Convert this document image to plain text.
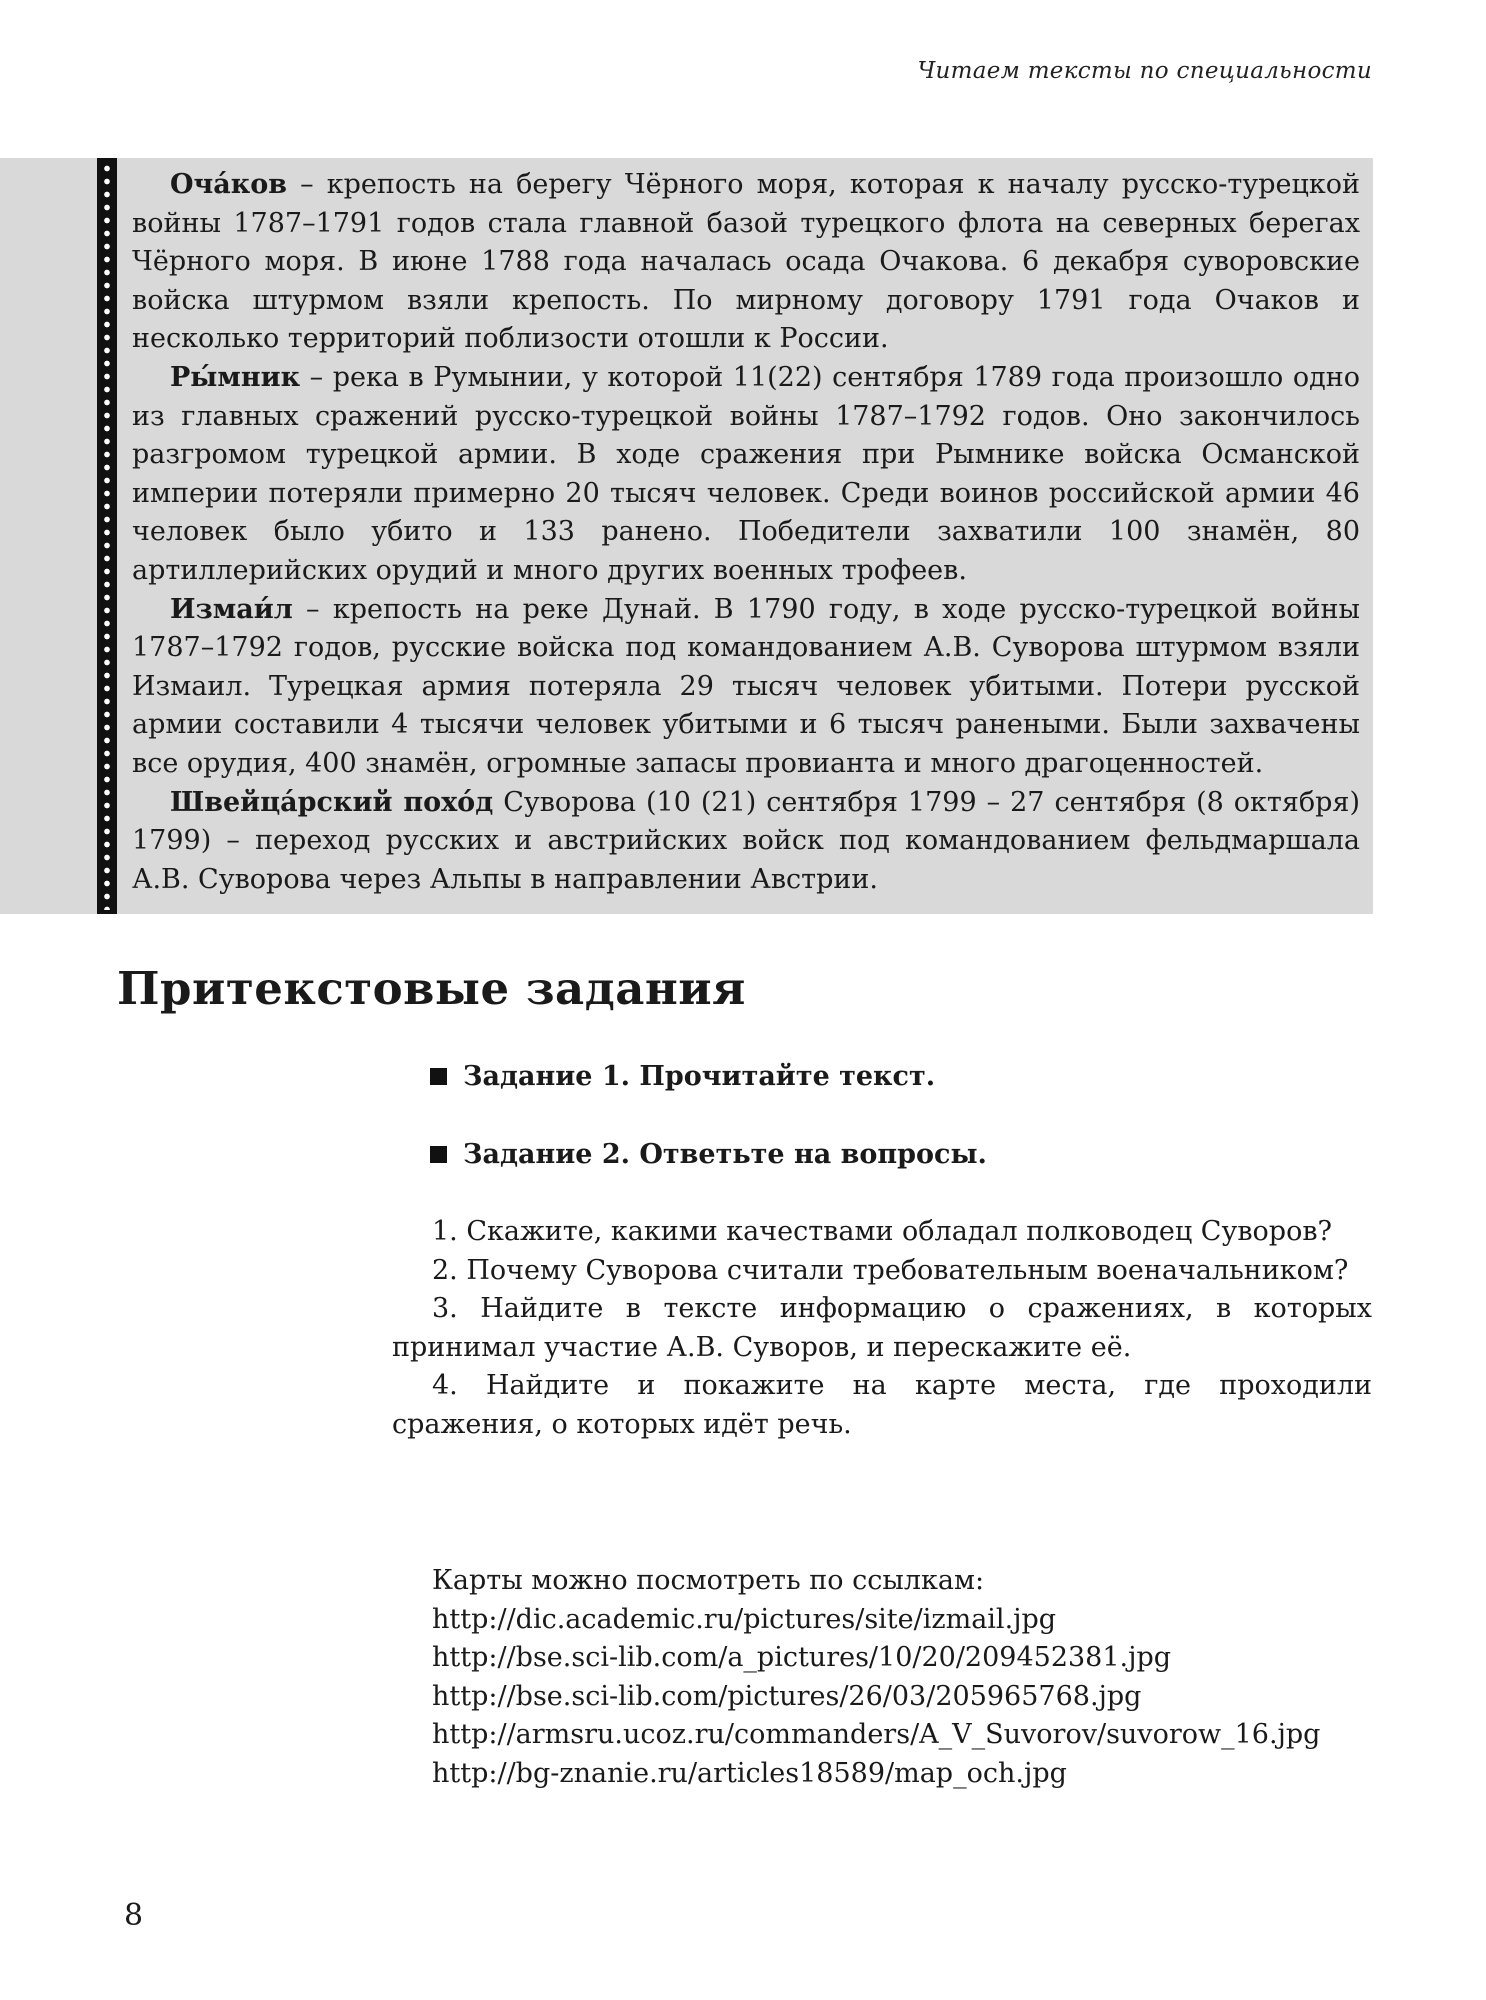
Читаем тексты по специальности

Оча́ков – крепость на берегу Чёрного моря, которая к началу русско-турецкой войны 1787–1791 годов стала главной базой турецкого флота на северных берегах Чёрного моря. В июне 1788 года началась осада Очакова. 6 декабря суворовские войска штурмом взяли крепость. По мирному договору 1791 года Очаков и несколько территорий поблизости отошли к России.

Ры́мник – река в Румынии, у которой 11(22) сентября 1789 года произошло одно из главных сражений русско-турецкой войны 1787–1792 годов. Оно закончилось разгромом турецкой армии. В ходе сражения при Рымнике войска Османской империи потеряли примерно 20 тысяч человек. Среди воинов российской армии 46 человек было убито и 133 ранено. Победители захватили 100 знамён, 80 артиллерийских орудий и много других военных трофеев.

Измаи́л – крепость на реке Дунай. В 1790 году, в ходе русско-турецкой войны 1787–1792 годов, русские войска под командованием А.В. Суворова штурмом взяли Измаил. Турецкая армия потеряла 29 тысяч человек убитыми. Потери русской армии составили 4 тысячи человек убитыми и 6 тысяч ранеными. Были захвачены все орудия, 400 знамён, огромные запасы провианта и много драгоценностей.

Швейца́рский похо́д Суворова (10 (21) сентября 1799 – 27 сентября (8 октября) 1799) – переход русских и австрийских войск под командованием фельдмаршала А.В. Суворова через Альпы в направлении Австрии.

Притекстовые задания
Задание 1. Прочитайте текст.
Задание 2. Ответьте на вопросы.

1. Скажите, какими качествами обладал полководец Суворов?

2. Почему Суворова считали требовательным военачальником?

3. Найдите в тексте информацию о сражениях, в которых принимал участие А.В. Суворов, и перескажите её.

4. Найдите и покажите на карте места, где проходили сражения, о которых идёт речь.

Карты можно посмотреть по ссылкам:

http://dic.academic.ru/pictures/site/izmail.jpg

http://bse.sci-lib.com/a_pictures/10/20/209452381.jpg

http://bse.sci-lib.com/pictures/26/03/205965768.jpg

http://armsru.ucoz.ru/commanders/A_V_Suvorov/suvorow_16.jpg

http://bg-znanie.ru/articles18589/map_och.jpg

8
